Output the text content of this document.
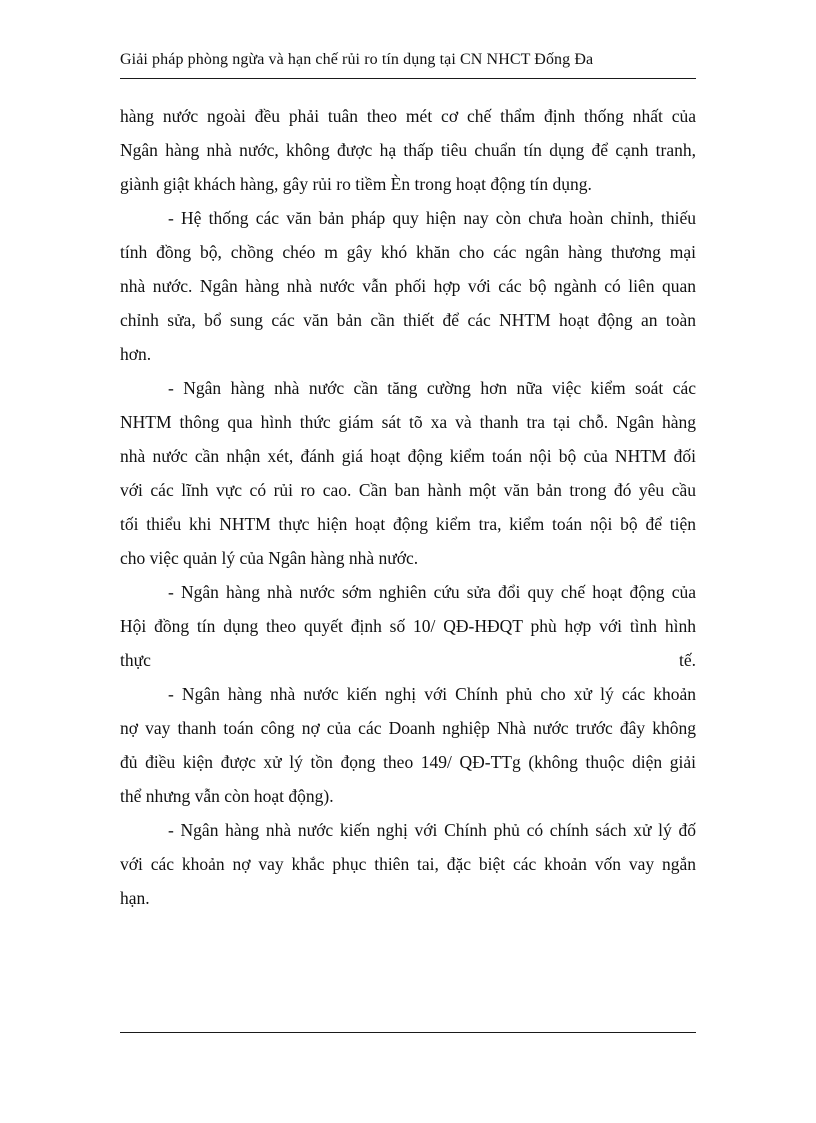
Giải pháp phòng ngừa và hạn chế rủi ro tín dụng tại CN NHCT Đống Đa
hàng nước ngoài đều phải tuân theo mét cơ chế thẩm định thống nhất của
Ngân hàng nhà nước, không được hạ thấp tiêu chuẩn tín dụng để cạnh tranh,
giành giật khách hàng, gây rủi ro tiềm Èn trong hoạt động tín dụng.
- Hệ thống các văn bản pháp quy hiện nay còn chưa hoàn chỉnh, thiếu
tính đồng bộ, chồng chéo m gây khó khăn cho các ngân hàng thương mại
nhà nước. Ngân hàng nhà nước vẫn phối hợp với các bộ ngành có liên quan
chỉnh sửa, bổ sung các văn bản cần thiết để các NHTM hoạt động an toàn
hơn.
- Ngân hàng nhà nước cần tăng cường hơn nữa việc kiểm soát các
NHTM thông qua hình thức giám sát tõ xa và thanh tra tại chỗ. Ngân hàng
nhà nước cần nhận xét, đánh giá hoạt động kiểm toán nội bộ của NHTM đối
với các lĩnh vực có rủi ro cao. Cần ban hành một văn bản trong đó yêu cầu
tối thiểu khi NHTM thực hiện hoạt động kiểm tra, kiểm toán nội bộ để tiện
cho việc quản lý của Ngân hàng nhà nước.
- Ngân hàng nhà nước sớm nghiên cứu sửa đổi quy chế hoạt động của
Hội đồng tín dụng theo quyết định số 10/ QĐ-HĐQT phù hợp với tình hình
thực	tế.
- Ngân hàng nhà nước kiến nghị với Chính phủ cho xử lý các khoản
nợ vay thanh toán công nợ của các Doanh nghiệp Nhà nước trước đây không
đủ điều kiện được xử lý tồn đọng theo 149/ QĐ-TTg (không thuộc diện giải
thể nhưng vẫn còn hoạt động).
- Ngân hàng nhà nước kiến nghị với Chính phủ có chính sách xử lý đố
với các khoản nợ vay khắc phục thiên tai, đặc biệt các khoản vốn vay ngắn
hạn.
